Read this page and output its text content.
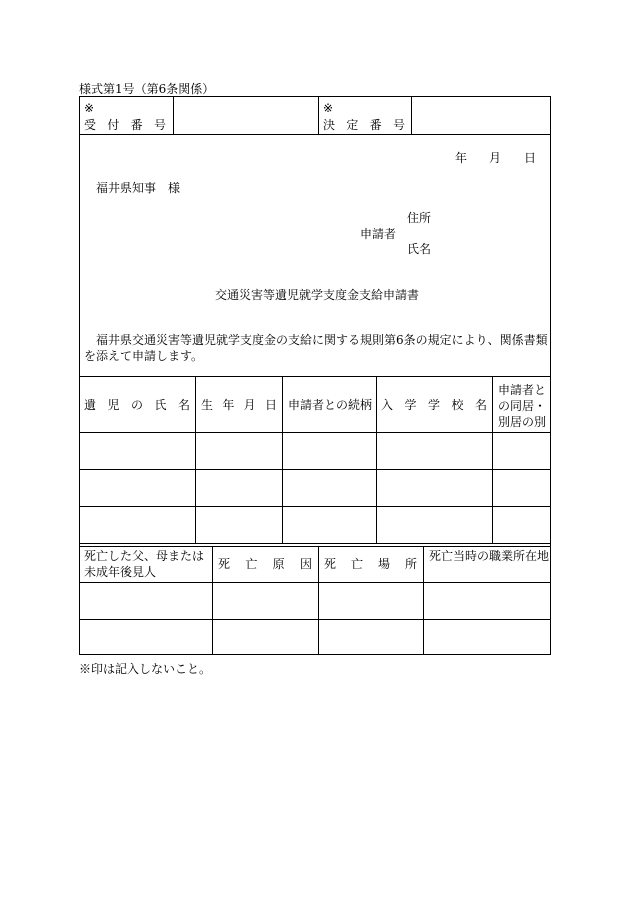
様式第1号（第6条関係）
※
受 付 番 号
※
決 定 番 号
年 月 日
福井県知事　様
住所
申請者
氏名
交通災害等遺児就学支度金支給申請書
福井県交通災害等遺児就学支度金の支給に関する規則第6条の規定により、関係書類を添えて申請します。
遺 児 の 氏 名 生 年 月 日 申請者との続柄 入 学 学 校 名
申請者との同居・別居の別
死亡した父、母または未成年後見人
死 亡 原 因 死 亡 場 所
死亡当時の職業所在地
※印は記入しないこと。
